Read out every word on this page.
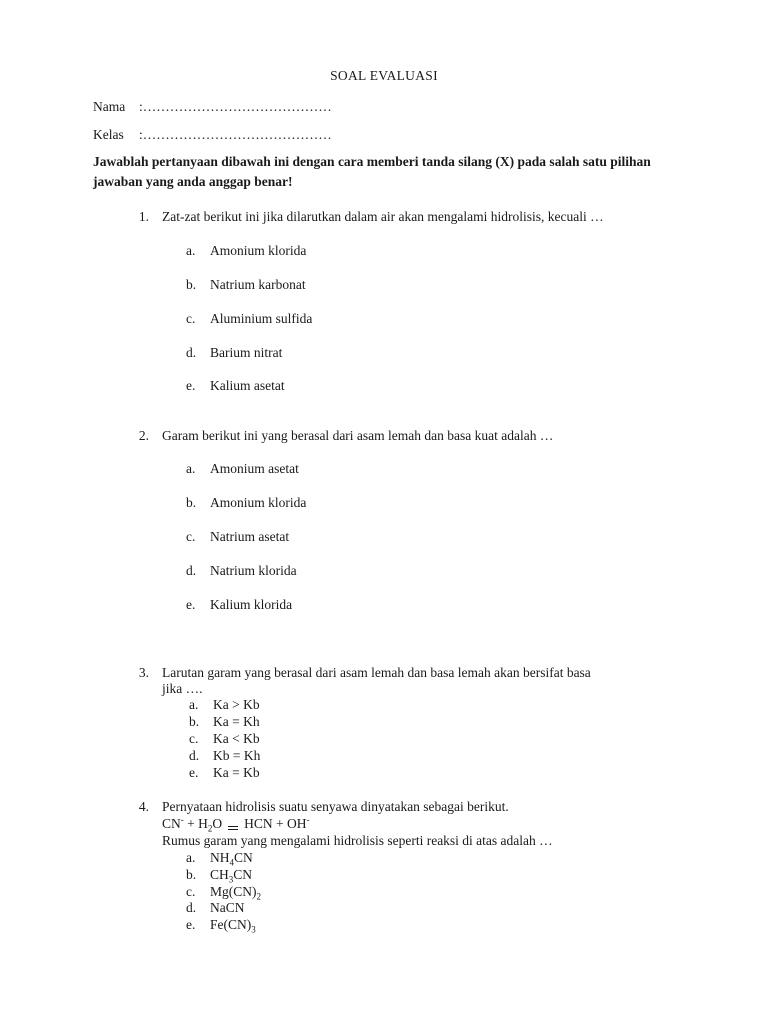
SOAL EVALUASI
Nama :……………………………………
Kelas :……………………………………
Jawablah pertanyaan dibawah ini dengan cara memberi tanda silang (X) pada salah satu pilihan jawaban yang anda anggap benar!
1. Zat-zat berikut ini jika dilarutkan dalam air akan mengalami hidrolisis, kecuali …
a. Amonium klorida
b. Natrium karbonat
c. Aluminium sulfida
d. Barium nitrat
e. Kalium asetat
2. Garam berikut ini yang berasal dari asam lemah dan basa kuat adalah …
a. Amonium asetat
b. Amonium klorida
c. Natrium asetat
d. Natrium klorida
e. Kalium klorida
3. Larutan garam yang berasal dari asam lemah dan basa lemah akan bersifat basa
jika ….
a. Ka > Kb
b. Ka = Kh
c. Ka < Kb
d. Kb = Kh
e. Ka = Kb
4. Pernyataan hidrolisis suatu senyawa dinyatakan sebagai berikut.
$CN^- + H_2O$ HCN + OH-
Rumus garam yang mengalami hidrolisis seperti reaksi di atas adalah …
a. $NH_4CN$
b. $CH_3CN$
c. $Mg(CN)_2$
d. NaCN
e. $Fe(CN)_3$
